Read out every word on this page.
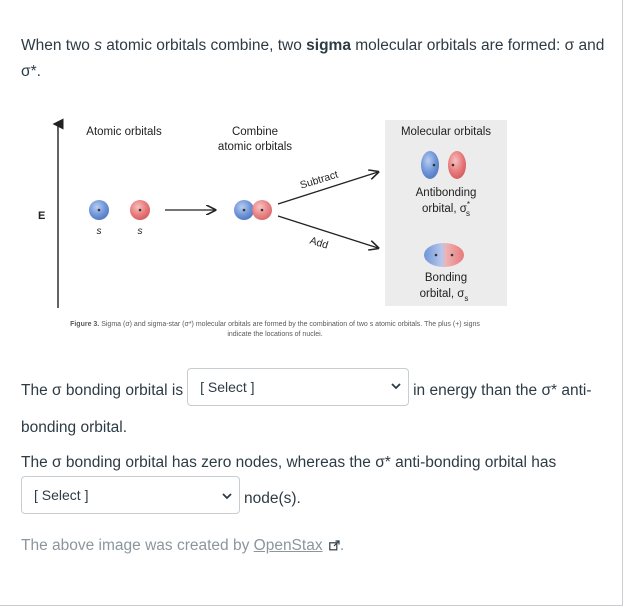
When two s atomic orbitals combine, two sigma molecular orbitals are formed: σ and
σ*.
E
Atomic orbitals	Combine
atomic orbitals
Molecular orbitals
s	s
Subtract
Add
Antibonding
orbital, σ* s
Bonding
orbital, $\sigma_s$
Figure 3. Sigma (σ) and sigma-star (σ*) molecular orbitals are formed by the combination of two s atomic orbitals. The plus (+) signs
indicate the locations of nuclei.
The σ bonding orbital is [ Select ]	in energy than the σ* anti-
bonding orbital.
The σ bonding orbital has zero nodes, whereas the σ* anti-bonding orbital has
[ Select ]	node(s).
The above image was created by OpenStax .
